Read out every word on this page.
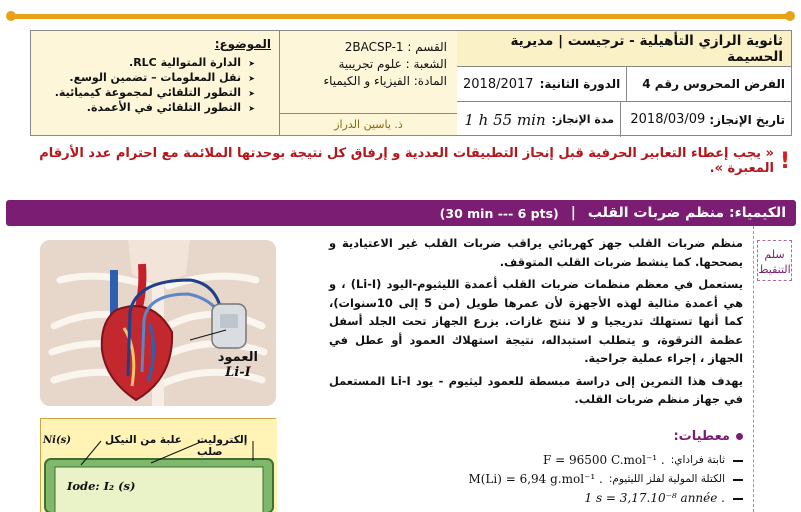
ثانوية الرازي التأهيلية - ترجيست | مديرية الحسيمة
الفرض المحروس رقم 4
الدورة الثانية:
2018/2017
تاريخ الإنجاز:
2018/03/09
مدة الإنجاز:
1 h 55 min
القسم : 2BACSP-1
الشعبة : علوم تجريبية
المادة: الفيزياء و الكيمياء
ذ. ياسين الدراز
الموضوع:
➤ الدارة المتوالية RLC.
➤ نقل المعلومات – تضمين الوسع.
➤ التطور التلقائي لمجموعة كيميائية.
➤ التطور التلقائي في الأعمدة.
!
« يجب إعطاء التعابير الحرفية قبل إنجاز التطبيقات العددية و إرفاق كل نتيجة بوحدتها الملائمة مع احترام عدد الأرقام المعبرة ».
الكيمياء: منظم ضربات القلب
|
(30 min --- 6 pts)
سلم التنقيط

منظم ضربات القلب جهز كهربائي يراقب ضربات القلب غير الاعتيادية و يصححها. كما ينشط ضربات القلب المتوقف.

يستعمل في معظم منظمات ضربات القلب أعمدة الليثيوم-اليود (Li-I) ، و هي أعمدة مثالية لهذه الأجهزة لأن عمرها طويل (من 5 إلى 10سنوات)، كما أنها تستهلك تدريجيا و لا تنتج غازات. يزرع الجهاز تحت الجلد أسفل عظمة الترقوة، و يتطلب استبداله، نتيجة استهلاك العمود أو عطل في الجهاز ، إجراء عملية جراحية.

يهدف هذا التمرين إلى دراسة مبسطة للعمود ليثيوم - يود Li-I المستعمل في جهاز منظم ضربات القلب.

معطيات:
ثابتة فراداي:
F = 96500 C.mol⁻¹ .
الكتلة المولية لفلز الليثيوم:
M(Li) = 6,94 g.mol⁻¹ .
1 s = 3,17.10⁻⁸ année .
العمود
Li-I
Ni(s)	علبة من النيكل إلكتروليت صلب
Iode: I₂ (s)
